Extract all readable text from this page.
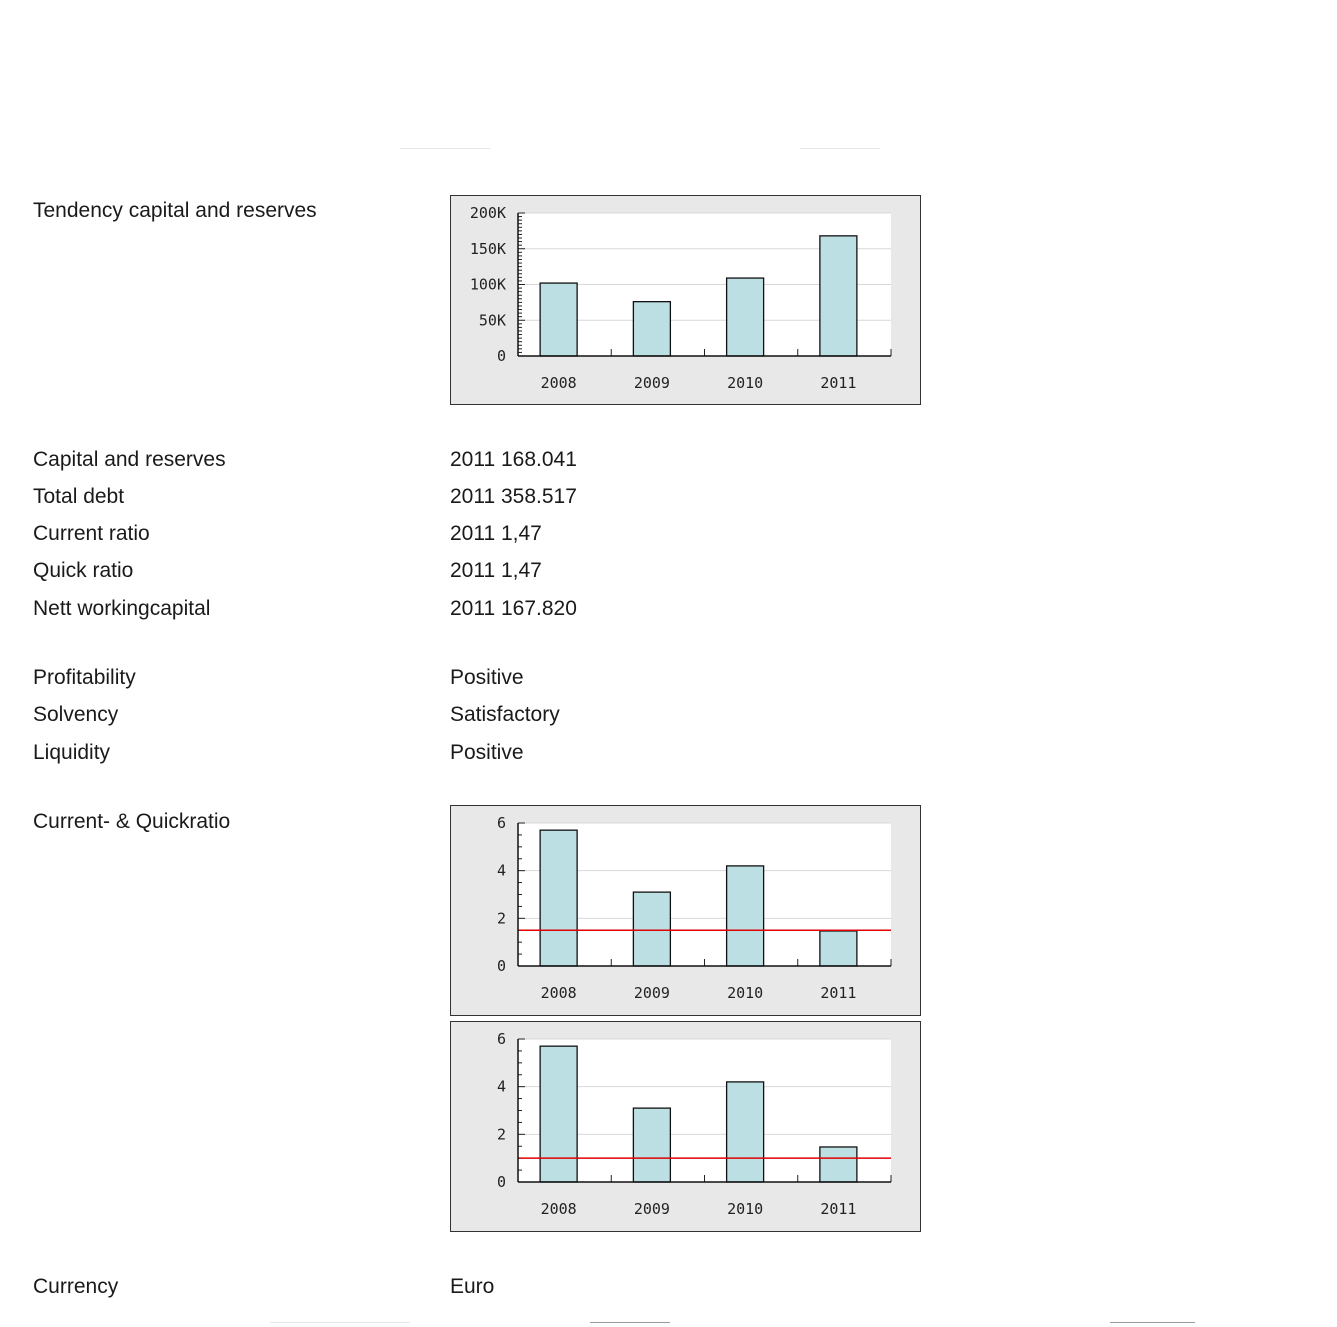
Tendency capital and reserves
0
50K
100K
150K
200K
2008	2009	2010	2011
Capital and reserves	2011 168.041
Total debt	2011 358.517
Current ratio	2011 1,47
Quick ratio	2011 1,47
Nett workingcapital	2011 167.820
Profitability	Positive
Solvency	Satisfactory
Liquidity	Positive
Current- & Quickratio
0
2
4
6
2008	2009	2010	2011
0
2
4
6
2008	2009	2010	2011
Currency	Euro
